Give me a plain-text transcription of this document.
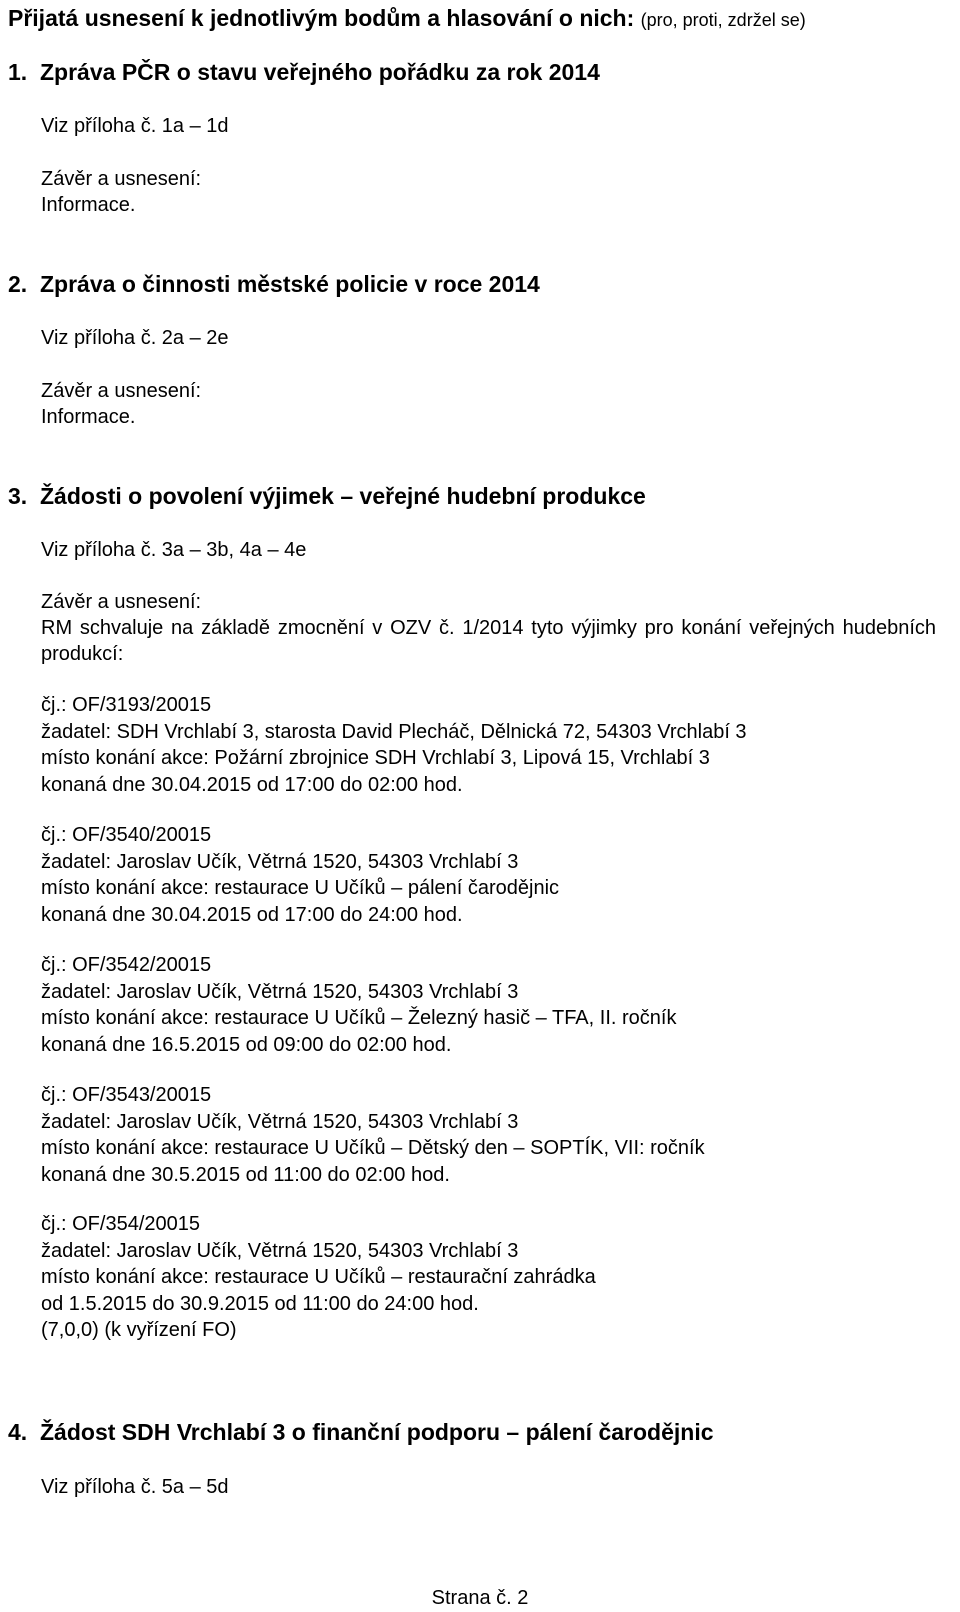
Přijatá usnesení k jednotlivým bodům a hlasování o nich: (pro, proti, zdržel se)
1. Zpráva PČR o stavu veřejného pořádku za rok 2014
Viz příloha č. 1a – 1d
Závěr a usnesení:
Informace.
2. Zpráva o činnosti městské policie v roce 2014
Viz příloha č. 2a – 2e
Závěr a usnesení:
Informace.
3. Žádosti o povolení výjimek – veřejné hudební produkce
Viz příloha č. 3a – 3b, 4a – 4e
Závěr a usnesení:
RM schvaluje na základě zmocnění v OZV č. 1/2014 tyto výjimky pro konání veřejných hudebních produkcí:
čj.: OF/3193/20015
žadatel: SDH Vrchlabí 3, starosta David Plecháč, Dělnická 72, 54303 Vrchlabí 3
místo konání akce: Požární zbrojnice SDH Vrchlabí 3, Lipová 15, Vrchlabí 3
konaná dne 30.04.2015 od 17:00 do 02:00 hod.
čj.: OF/3540/20015
žadatel: Jaroslav Učík, Větrná 1520, 54303 Vrchlabí 3
místo konání akce: restaurace U Učíků – pálení čarodějnic
konaná dne 30.04.2015 od 17:00 do 24:00 hod.
čj.: OF/3542/20015
žadatel: Jaroslav Učík, Větrná 1520, 54303 Vrchlabí 3
místo konání akce: restaurace U Učíků – Železný hasič – TFA, II. ročník
konaná dne 16.5.2015 od 09:00 do 02:00 hod.
čj.: OF/3543/20015
žadatel: Jaroslav Učík, Větrná 1520, 54303 Vrchlabí 3
místo konání akce: restaurace U Učíků – Dětský den – SOPTÍK, VII: ročník
konaná dne 30.5.2015 od 11:00 do 02:00 hod.
čj.: OF/354/20015
žadatel: Jaroslav Učík, Větrná 1520, 54303 Vrchlabí 3
místo konání akce: restaurace U Učíků – restaurační zahrádka
od 1.5.2015 do 30.9.2015 od 11:00 do 24:00 hod.
(7,0,0) (k vyřízení FO)
4. Žádost SDH Vrchlabí 3 o finanční podporu – pálení čarodějnic
Viz příloha č. 5a – 5d
Strana č. 2
